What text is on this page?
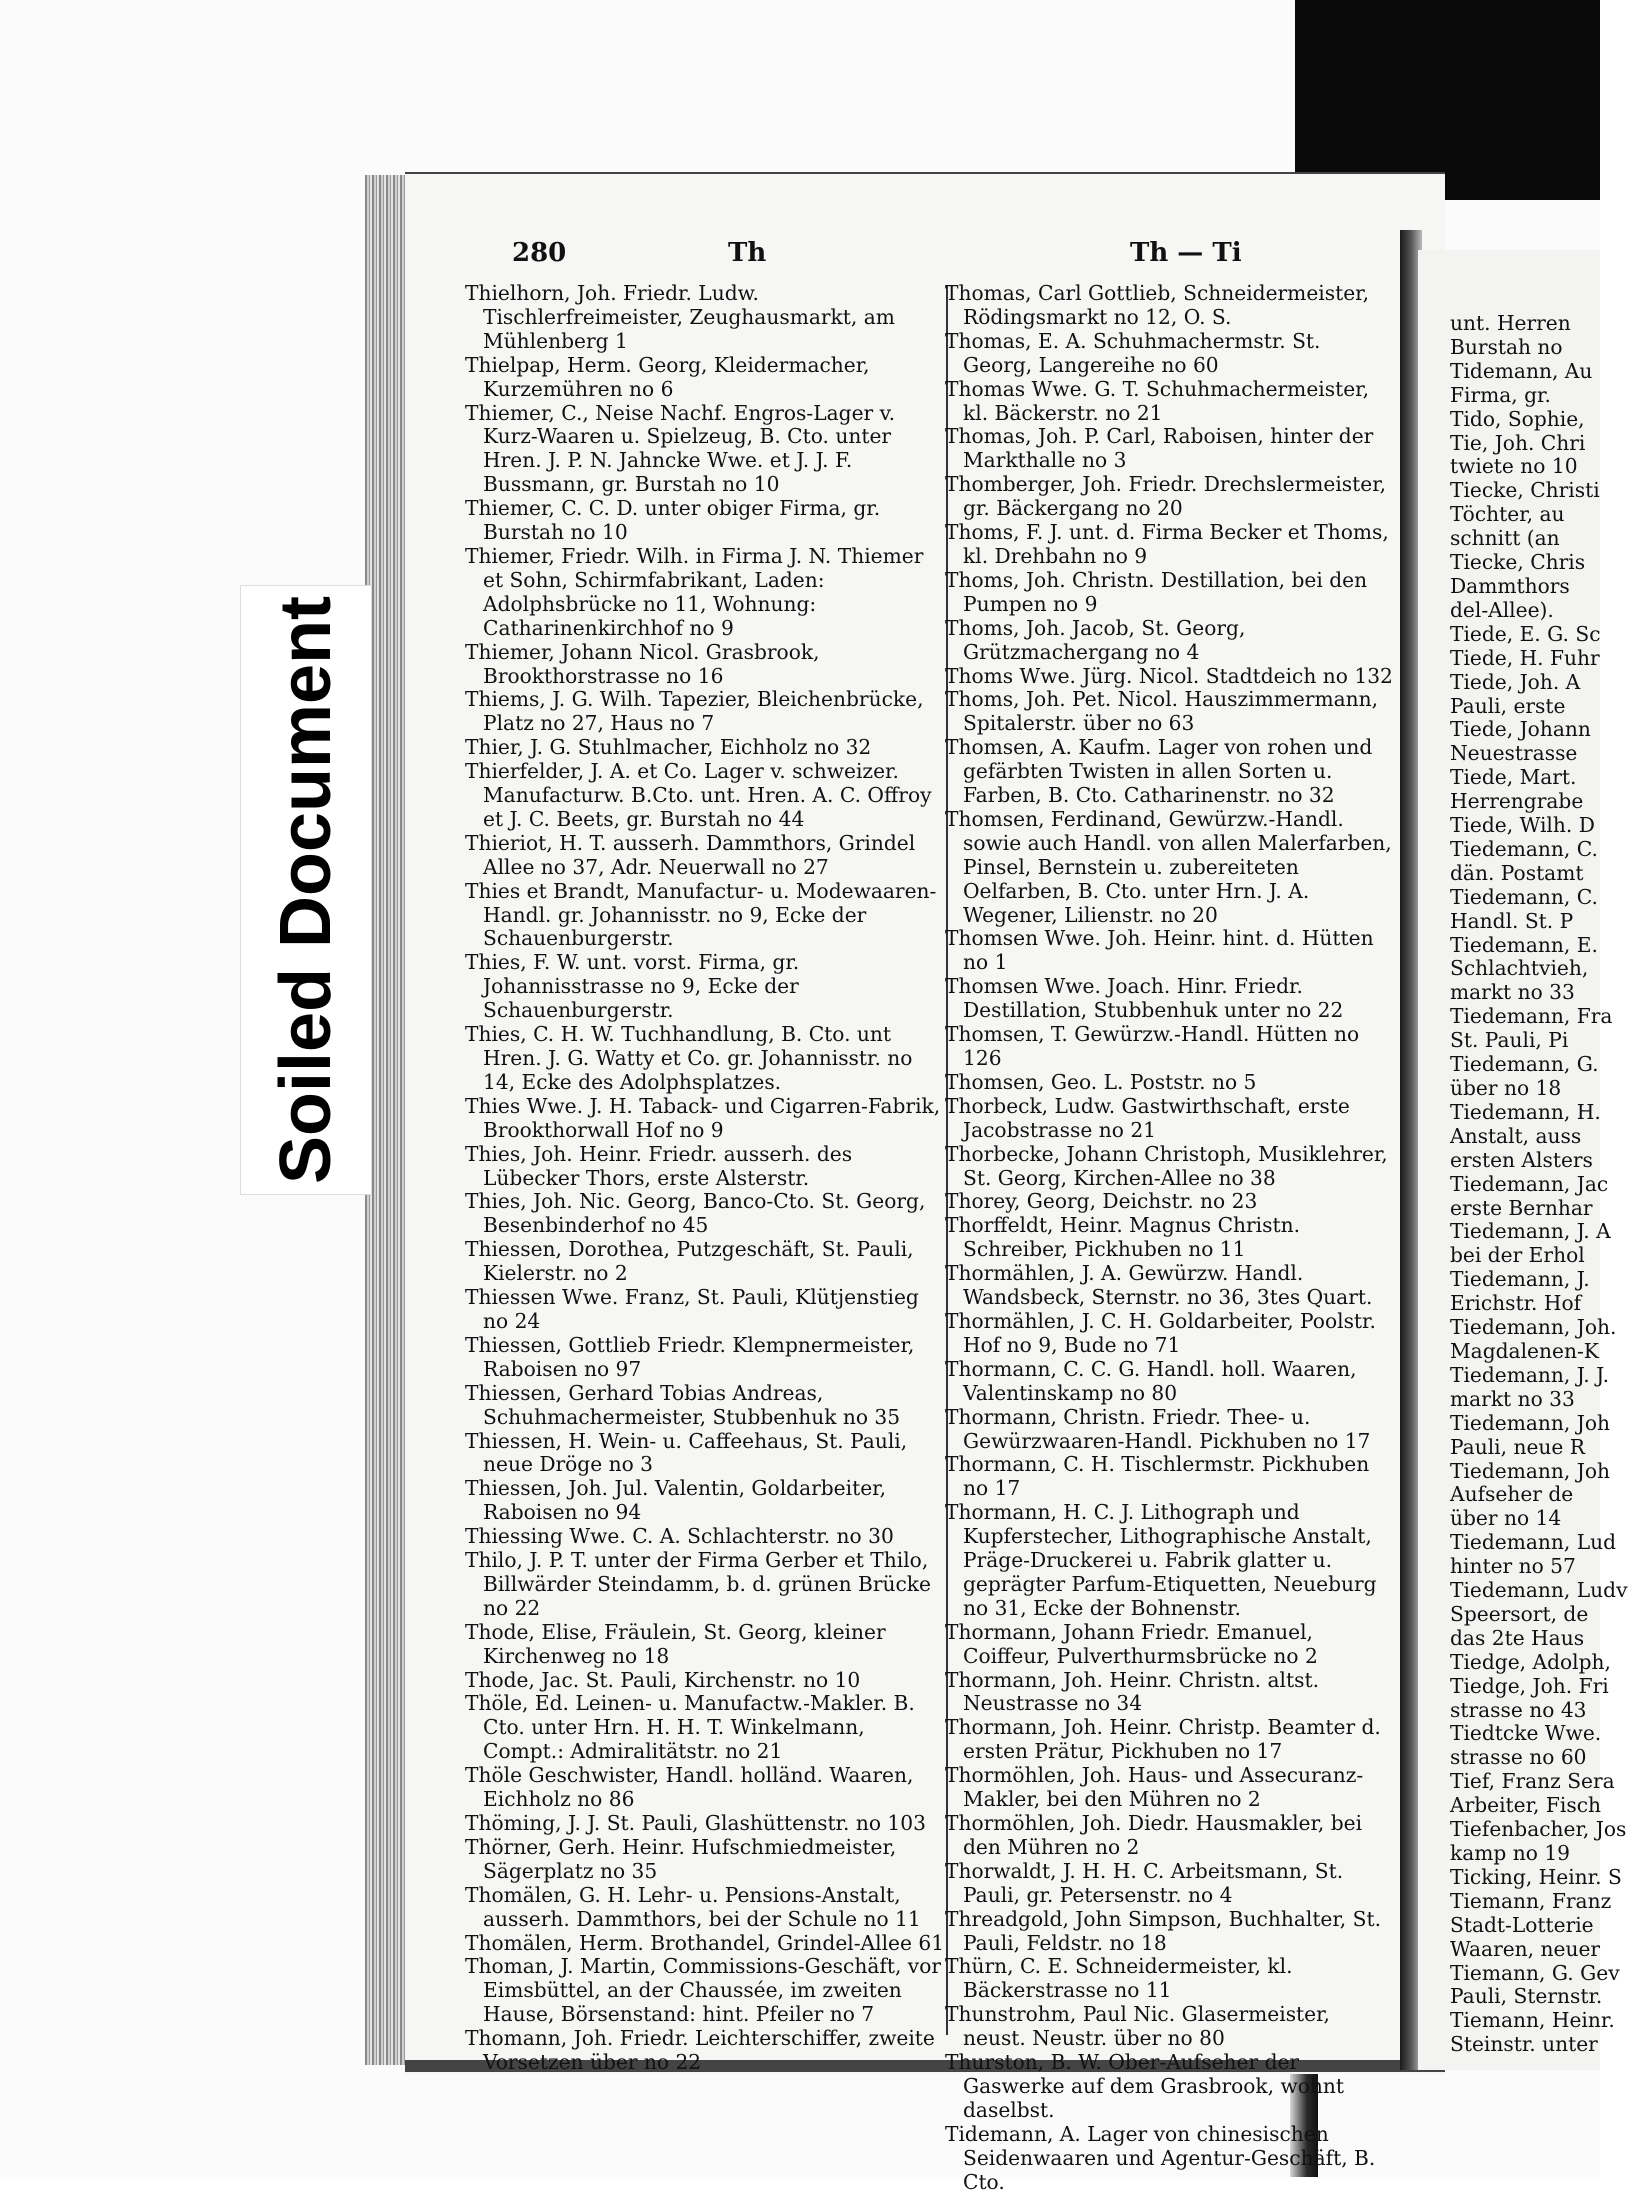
Soiled Document
280	Th	Th — Ti

Thielhorn, Joh. Friedr. Ludw. Tischlerfreimeister, Zeughausmarkt, am Mühlenberg 1

Thielpap, Herm. Georg, Kleidermacher, Kurzemühren no 6

Thiemer, C., Neise Nachf. Engros-Lager v. Kurz-Waaren u. Spielzeug, B. Cto. unter Hren. J. P. N. Jahncke Wwe. et J. J. F. Bussmann, gr. Burstah no 10

Thiemer, C. C. D. unter obiger Firma, gr. Burstah no 10

Thiemer, Friedr. Wilh. in Firma J. N. Thiemer et Sohn, Schirmfabrikant, Laden: Adolphsbrücke no 11, Wohnung: Catharinenkirchhof no 9

Thiemer, Johann Nicol. Grasbrook, Brookthorstrasse no 16

Thiems, J. G. Wilh. Tapezier, Bleichenbrücke, Platz no 27, Haus no 7

Thier, J. G. Stuhlmacher, Eichholz no 32

Thierfelder, J. A. et Co. Lager v. schweizer. Manufacturw. B.Cto. unt. Hren. A. C. Offroy et J. C. Beets, gr. Burstah no 44

Thieriot, H. T. ausserh. Dammthors, Grindel Allee no 37, Adr. Neuerwall no 27

Thies et Brandt, Manufactur- u. Modewaaren-Handl. gr. Johannisstr. no 9, Ecke der Schauenburgerstr.

Thies, F. W. unt. vorst. Firma, gr. Johannisstrasse no 9, Ecke der Schauenburgerstr.

Thies, C. H. W. Tuchhandlung, B. Cto. unt Hren. J. G. Watty et Co. gr. Johannisstr. no 14, Ecke des Adolphsplatzes.

Thies Wwe. J. H. Taback- und Cigarren-Fabrik, Brookthorwall Hof no 9

Thies, Joh. Heinr. Friedr. ausserh. des Lübecker Thors, erste Alsterstr.

Thies, Joh. Nic. Georg, Banco-Cto. St. Georg, Besenbinderhof no 45

Thiessen, Dorothea, Putzgeschäft, St. Pauli, Kielerstr. no 2

Thiessen Wwe. Franz, St. Pauli, Klütjenstieg no 24

Thiessen, Gottlieb Friedr. Klempnermeister, Raboisen no 97

Thiessen, Gerhard Tobias Andreas, Schuhmachermeister, Stubbenhuk no 35

Thiessen, H. Wein- u. Caffeehaus, St. Pauli, neue Dröge no 3

Thiessen, Joh. Jul. Valentin, Goldarbeiter, Raboisen no 94

Thiessing Wwe. C. A. Schlachterstr. no 30

Thilo, J. P. T. unter der Firma Gerber et Thilo, Billwärder Steindamm, b. d. grünen Brücke no 22

Thode, Elise, Fräulein, St. Georg, kleiner Kirchenweg no 18

Thode, Jac. St. Pauli, Kirchenstr. no 10

Thöle, Ed. Leinen- u. Manufactw.-Makler. B. Cto. unter Hrn. H. H. T. Winkelmann, Compt.: Admiralitätstr. no 21

Thöle Geschwister, Handl. holländ. Waaren, Eichholz no 86

Thöming, J. J. St. Pauli, Glashüttenstr. no 103

Thörner, Gerh. Heinr. Hufschmiedmeister, Sägerplatz no 35

Thomälen, G. H. Lehr- u. Pensions-Anstalt, ausserh. Dammthors, bei der Schule no 11

Thomälen, Herm. Brothandel, Grindel-Allee 61

Thoman, J. Martin, Commissions-Geschäft, vor Eimsbüttel, an der Chaussée, im zweiten Hause, Börsenstand: hint. Pfeiler no 7

Thomann, Joh. Friedr. Leichterschiffer, zweite Vorsetzen über no 22

Thomas, Carl Gottlieb, Schneidermeister, Rödingsmarkt no 12, O. S.

Thomas, E. A. Schuhmachermstr. St. Georg, Langereihe no 60

Thomas Wwe. G. T. Schuhmachermeister, kl. Bäckerstr. no 21

Thomas, Joh. P. Carl, Raboisen, hinter der Markthalle no 3

Thomberger, Joh. Friedr. Drechslermeister, gr. Bäckergang no 20

Thoms, F. J. unt. d. Firma Becker et Thoms, kl. Drehbahn no 9

Thoms, Joh. Christn. Destillation, bei den Pumpen no 9

Thoms, Joh. Jacob, St. Georg, Grützmachergang no 4

Thoms Wwe. Jürg. Nicol. Stadtdeich no 132

Thoms, Joh. Pet. Nicol. Hauszimmermann, Spitalerstr. über no 63

Thomsen, A. Kaufm. Lager von rohen und gefärbten Twisten in allen Sorten u. Farben, B. Cto. Catharinenstr. no 32

Thomsen, Ferdinand, Gewürzw.-Handl. sowie auch Handl. von allen Malerfarben, Pinsel, Bernstein u. zubereiteten Oelfarben, B. Cto. unter Hrn. J. A. Wegener, Lilienstr. no 20

Thomsen Wwe. Joh. Heinr. hint. d. Hütten no 1

Thomsen Wwe. Joach. Hinr. Friedr. Destillation, Stubbenhuk unter no 22

Thomsen, T. Gewürzw.-Handl. Hütten no 126

Thomsen, Geo. L. Poststr. no 5

Thorbeck, Ludw. Gastwirthschaft, erste Jacobstrasse no 21

Thorbecke, Johann Christoph, Musiklehrer, St. Georg, Kirchen-Allee no 38

Thorey, Georg, Deichstr. no 23

Thorffeldt, Heinr. Magnus Christn. Schreiber, Pickhuben no 11

Thormählen, J. A. Gewürzw. Handl. Wandsbeck, Sternstr. no 36, 3tes Quart.

Thormählen, J. C. H. Goldarbeiter, Poolstr. Hof no 9, Bude no 71

Thormann, C. C. G. Handl. holl. Waaren, Valentinskamp no 80

Thormann, Christn. Friedr. Thee- u. Gewürzwaaren-Handl. Pickhuben no 17

Thormann, C. H. Tischlermstr. Pickhuben no 17

Thormann, H. C. J. Lithograph und Kupferstecher, Lithographische Anstalt, Präge-Druckerei u. Fabrik glatter u. geprägter Parfum-Etiquetten, Neueburg no 31, Ecke der Bohnenstr.

Thormann, Johann Friedr. Emanuel, Coiffeur, Pulverthurmsbrücke no 2

Thormann, Joh. Heinr. Christn. altst. Neustrasse no 34

Thormann, Joh. Heinr. Christp. Beamter d. ersten Prätur, Pickhuben no 17

Thormöhlen, Joh. Haus- und Assecuranz-Makler, bei den Mühren no 2

Thormöhlen, Joh. Diedr. Hausmakler, bei den Mühren no 2

Thorwaldt, J. H. H. C. Arbeitsmann, St. Pauli, gr. Petersenstr. no 4

Threadgold, John Simpson, Buchhalter, St. Pauli, Feldstr. no 18

Thürn, C. E. Schneidermeister, kl. Bäckerstrasse no 11

Thunstrohm, Paul Nic. Glasermeister, neust. Neustr. über no 80

Thurston, B. W. Ober-Aufseher der Gaswerke auf dem Grasbrook, wohnt daselbst.

Tidemann, A. Lager von chinesischen Seidenwaaren und Agentur-Geschäft, B. Cto.

unt. Herren

Burstah no

Tidemann, Au

Firma, gr.

Tido, Sophie,

Tie, Joh. Chri

twiete no 10

Tiecke, Christi

Töchter, au

schnitt (an

Tiecke, Chris

Dammthors

del-Allee).

Tiede, E. G. Sc

Tiede, H. Fuhr

Tiede, Joh. A

Pauli, erste

Tiede, Johann

Neuestrasse

Tiede, Mart.

Herrengrabe

Tiede, Wilh. D

Tiedemann, C.

dän. Postamt

Tiedemann, C.

Handl. St. P

Tiedemann, E.

Schlachtvieh,

markt no 33

Tiedemann, Fra

St. Pauli, Pi

Tiedemann, G.

über no 18

Tiedemann, H.

Anstalt, auss

ersten Alsters

Tiedemann, Jac

erste Bernhar

Tiedemann, J. A

bei der Erhol

Tiedemann, J.

Erichstr. Hof

Tiedemann, Joh.

Magdalenen-K

Tiedemann, J. J.

markt no 33

Tiedemann, Joh

Pauli, neue R

Tiedemann, Joh

Aufseher de

über no 14

Tiedemann, Lud

hinter no 57

Tiedemann, Ludv

Speersort, de

das 2te Haus

Tiedge, Adolph,

Tiedge, Joh. Fri

strasse no 43

Tiedtcke Wwe.

strasse no 60

Tief, Franz Sera

Arbeiter, Fisch

Tiefenbacher, Jos

kamp no 19

Ticking, Heinr. S

Tiemann, Franz

Stadt-Lotterie

Waaren, neuer

Tiemann, G. Gev

Pauli, Sternstr.

Tiemann, Heinr.

Steinstr. unter
